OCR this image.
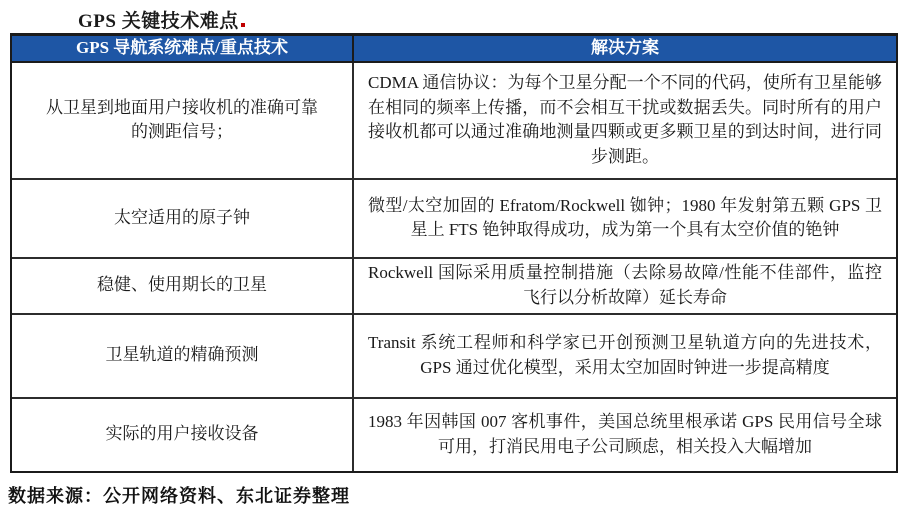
GPS 关键技术难点
GPS 导航系统难点/重点技术	解决方案
从卫星到地面用户接收机的准确可靠的测距信号；
CDMA 通信协议：为每个卫星分配一个不同的代码，使所有卫星能够在相同的频率上传播，而不会相互干扰或数据丢失。同时所有的用户接收机都可以通过准确地测量四颗或更多颗卫星的到达时间，进行同步测距。
太空适用的原子钟
微型/太空加固的 Efratom/Rockwell 铷钟；1980 年发射第五颗 GPS 卫星上 FTS 铯钟取得成功，成为第一个具有太空价值的铯钟
稳健、使用期长的卫星
Rockwell 国际采用质量控制措施（去除易故障/性能不佳部件，监控飞行以分析故障）延长寿命
卫星轨道的精确预测
Transit 系统工程师和科学家已开创预测卫星轨道方向的先进技术，GPS 通过优化模型，采用太空加固时钟进一步提高精度
实际的用户接收设备
1983 年因韩国 007 客机事件，美国总统里根承诺 GPS 民用信号全球可用，打消民用电子公司顾虑，相关投入大幅增加
数据来源：公开网络资料、东北证券整理
